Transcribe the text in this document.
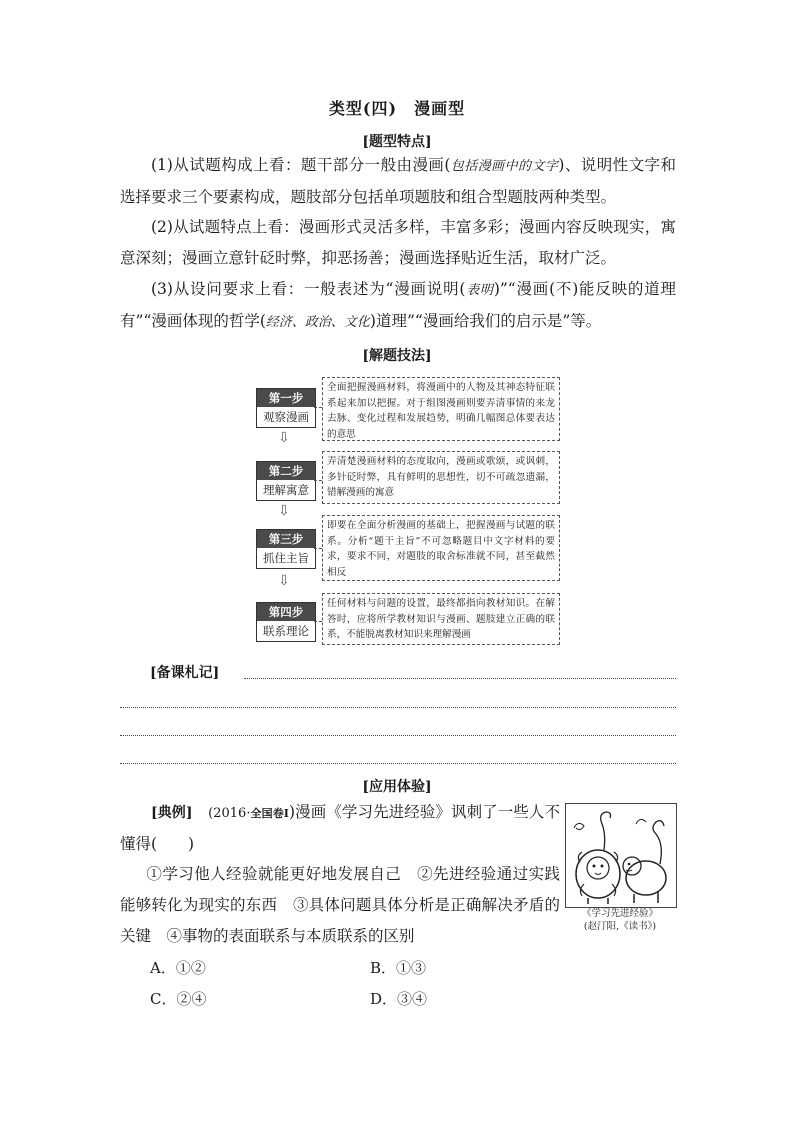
类型(四)　漫画型
[题型特点]
(1)从试题构成上看：题干部分一般由漫画(包括漫画中的文字)、说明性文字和选择要求三个要素构成，题肢部分包括单项题肢和组合型题肢两种类型。
(2)从试题特点上看：漫画形式灵活多样，丰富多彩；漫画内容反映现实，寓意深刻；漫画立意针砭时弊，抑恶扬善；漫画选择贴近生活，取材广泛。
(3)从设问要求上看：一般表述为“漫画说明(表明)”“漫画(不)能反映的道理有”“漫画体现的哲学(经济、政治、文化)道理”“漫画给我们的启示是”等。
[解题技法]
第一步
观察漫画
全面把握漫画材料，将漫画中的人物及其神态特征联系起来加以把握。对于组图漫画则要弄清事情的来龙去脉、变化过程和发展趋势，明确几幅图总体要表达的意思
⇩
第二步
理解寓意
弄清楚漫画材料的态度取向，漫画或歌颂，或讽刺，多针砭时弊，具有鲜明的思想性，切不可疏忽遗漏，错解漫画的寓意
⇩
第三步
抓住主旨
即要在全面分析漫画的基础上，把握漫画与试题的联系。分析“题干主旨”不可忽略题目中文字材料的要求，要求不同，对题肢的取舍标准就不同，甚至截然相反
⇩
第四步
联系理论
任何材料与问题的设置，最终都指向教材知识。在解答时，应将所学教材知识与漫画、题肢建立正确的联系，不能脱离教材知识来理解漫画
[备课札记]
[应用体验]
[典例]　 (2016·全国卷Ⅰ)漫画《学习先进经验》讽刺了一些人不懂得(　　)
①学习他人经验就能更好地发展自己　②先进经验通过实践能够转化为现实的东西　③具体问题具体分析是正确解决矛盾的关键　④事物的表面联系与本质联系的区别
A．①②	B．①③
C．②④	D．③④
《学习先进经验》
(赵汀阳,《读书》)
